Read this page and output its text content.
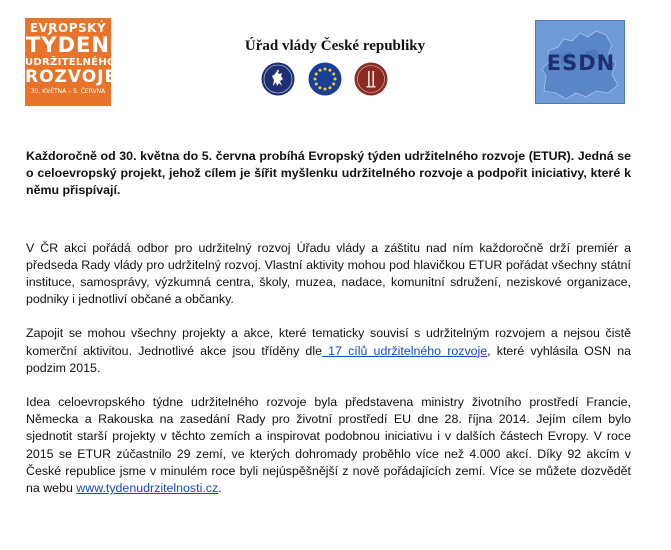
EVROPSKÝ
TÝDEN
UDRŽITELNÉHO
ROZVOJE
30. KVĚTNA – 5. ČERVNA
Úřad vlády České republiky
ESDN

Každoročně od 30. května do 5. června probíhá Evropský týden udržitelného rozvoje (ETUR). Jedná se o celoevropský projekt, jehož cílem je šířit myšlenku udržitelného rozvoje a podpořit iniciativy, které k němu přispívají.

V ČR akci pořádá odbor pro udržitelný rozvoj Úřadu vlády a záštitu nad ním každoročně drží premiér a předseda Rady vlády pro udržitelný rozvoj. Vlastní aktivity mohou pod hlavičkou ETUR pořádat všechny státní instituce, samosprávy, výzkumná centra, školy, muzea, nadace, komunitní sdružení, neziskové organizace, podniky i jednotliví občané a občanky.

Zapojit se mohou všechny projekty a akce, které tematicky souvisí s udržitelným rozvojem a nejsou čistě komerční aktivitou. Jednotlivé akce jsou tříděny dle 17 cílů udržitelného rozvoje, které vyhlásila OSN na podzim 2015.

Idea celoevropského týdne udržitelného rozvoje byla představena ministry životního prostředí Francie, Německa a Rakouska na zasedání Rady pro životní prostředí EU dne 28. října 2014. Jejím cílem bylo sjednotit starší projekty v těchto zemích a inspirovat podobnou iniciativu i v dalších částech Evropy. V roce 2015 se ETUR zúčastnilo 29 zemí, ve kterých dohromady proběhlo více než 4.000 akcí. Díky 92 akcím v České republice jsme v minulém roce byli nejúspěšnější z nově pořádajících zemí. Více se můžete dozvědět na webu www.tydenudrzitelnosti.cz.
